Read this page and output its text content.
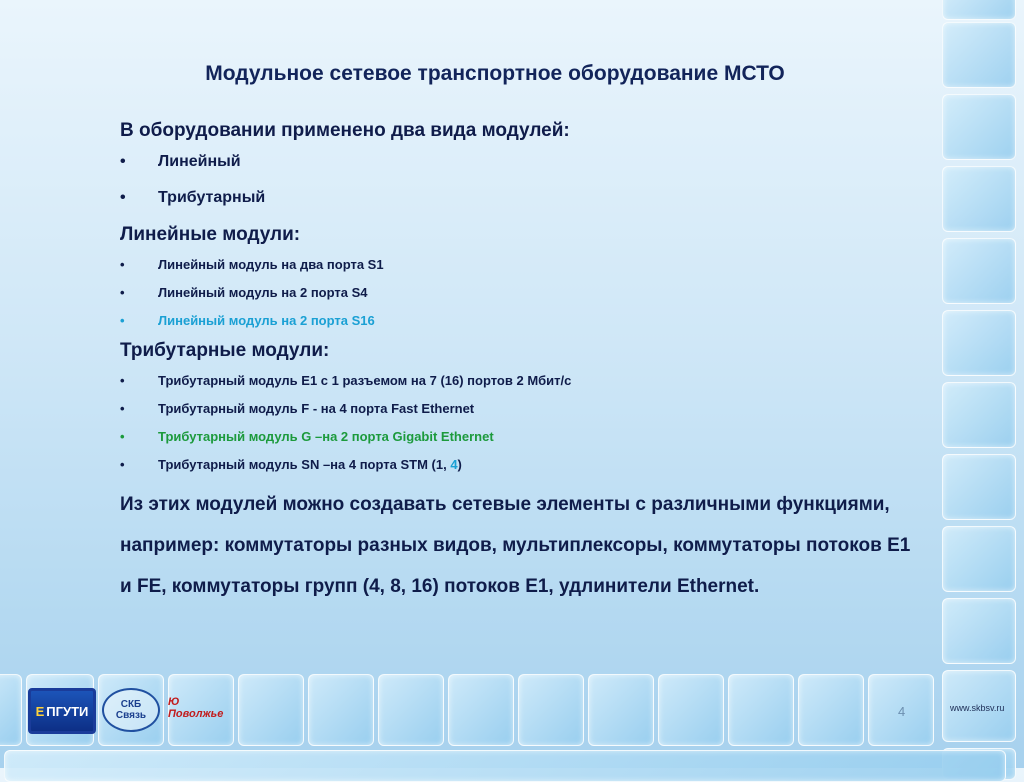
Модульное сетевое транспортное оборудование МСТО
В оборудовании применено два вида модулей:
• Линейный
• Трибутарный
Линейные модули:
•	Линейный модуль на два порта S1
•	Линейный модуль на 2 порта S4
•	Линейный модуль на 2 порта S16
Трибутарные модули:
•	Трибутарный модуль Е1 с 1 разъемом на 7 (16) портов 2 Мбит/с
•	Трибутарный модуль F - на 4 порта Fast Ethernet
•	Трибутарный модуль G –на 2 порта Gigabit Ethernet
•	Трибутарный модуль SN –на 4 порта STM (1, 4)
Из этих модулей можно создавать сетевые элементы с различными функциями, например: коммутаторы разных видов, мультиплексоры, коммутаторы потоков Е1 и FE, коммутаторы групп (4, 8, 16) потоков Е1, удлинители Ethernet.
Е ПГУТИ	СКБ
Связь
Ю Поволжье	4	www.skbsv.ru
